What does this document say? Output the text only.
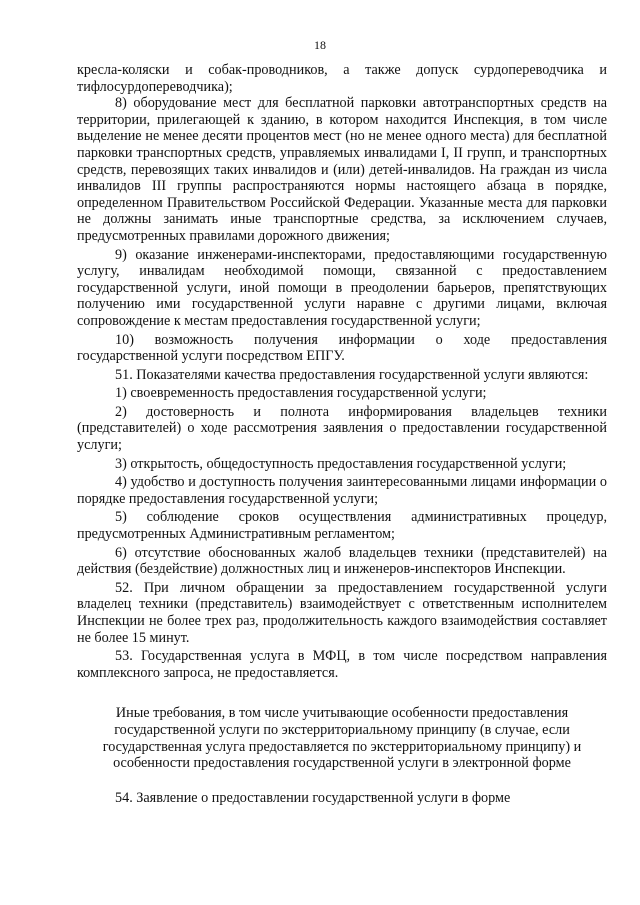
18

кресла-коляски и собак-проводников, а также допуск сурдопереводчика и тифлосурдопереводчика);

8) оборудование мест для бесплатной парковки автотранспортных средств на территории, прилегающей к зданию, в котором находится Инспекция, в том числе выделение не менее десяти процентов мест (но не менее одного места) для бесплатной парковки транспортных средств, управляемых инвалидами I, II групп, и транспортных средств, перевозящих таких инвалидов и (или) детей-инвалидов. На граждан из числа инвалидов III группы распространяются нормы настоящего абзаца в порядке, определенном Правительством Российской Федерации. Указанные места для парковки не должны занимать иные транспортные средства, за исключением случаев, предусмотренных правилами дорожного движения;

9) оказание инженерами-инспекторами, предоставляющими государственную услугу, инвалидам необходимой помощи, связанной с предоставлением государственной услуги, иной помощи в преодолении барьеров, препятствующих получению ими государственной услуги наравне с другими лицами, включая сопровождение к местам предоставления государственной услуги;

10) возможность получения информации о ходе предоставления государственной услуги посредством ЕПГУ.

51. Показателями качества предоставления государственной услуги являются:

1) своевременность предоставления государственной услуги;

2) достоверность и полнота информирования владельцев техники (представителей) о ходе рассмотрения заявления о предоставлении государственной услуги;

3) открытость, общедоступность предоставления государственной услуги;

4) удобство и доступность получения заинтересованными лицами информации о порядке предоставления государственной услуги;

5) соблюдение сроков осуществления административных процедур, предусмотренных Административным регламентом;

6) отсутствие обоснованных жалоб владельцев техники (представителей) на действия (бездействие) должностных лиц и инженеров-инспекторов Инспекции.

52. При личном обращении за предоставлением государственной услуги владелец техники (представитель) взаимодействует с ответственным исполнителем Инспекции не более трех раз, продолжительность каждого взаимодействия составляет не более 15 минут.

53. Государственная услуга в МФЦ, в том числе посредством направления комплексного запроса, не предоставляется.

Иные требования, в том числе учитывающие особенности предоставления государственной услуги по экстерриториальному принципу (в случае, если государственная услуга предоставляется по экстерриториальному принципу) и особенности предоставления государственной услуги в электронной форме

54. Заявление о предоставлении государственной услуги в форме
